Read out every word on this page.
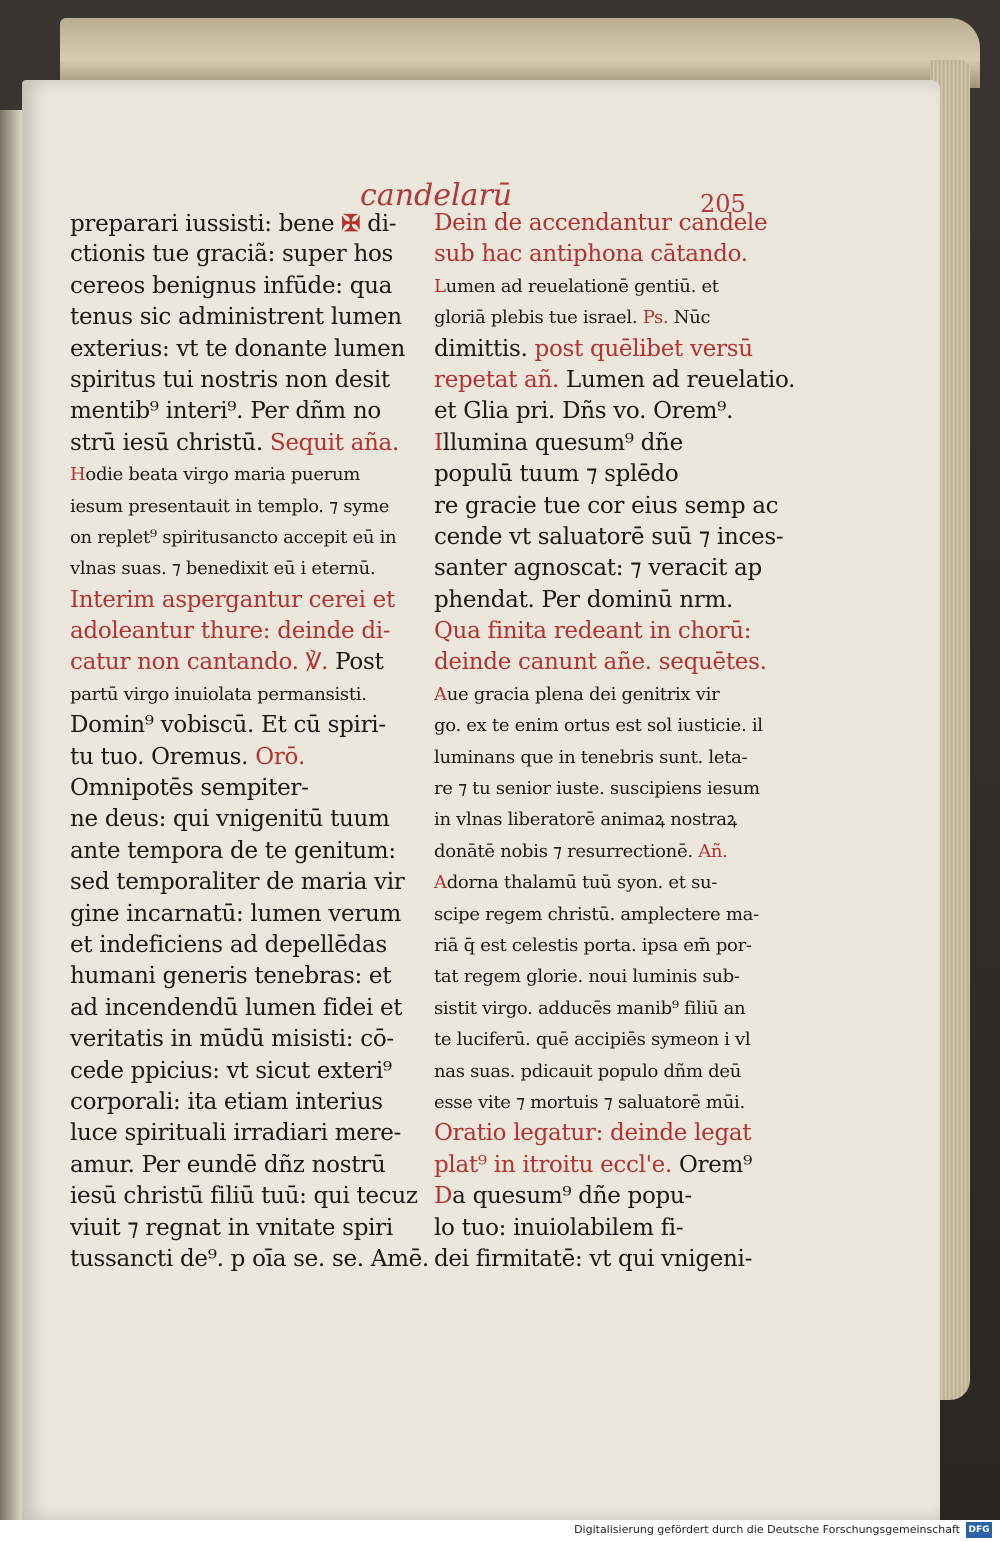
candelarū	205
preparari iussisti: bene ✠ di-
ctionis tue graciã: super hos
cereos benignus infūde: qua
tenus sic administrent lumen
exterius: vt te donante lumen
spiritus tui nostris non desit
mentib⁹ interi⁹. Per dñm no
strū iesū christū. Sequit aña.
Hodie beata virgo maria puerum
iesum presentauit in templo. ⁊ syme
on replet⁹ spiritusancto accepit eū in
vlnas suas. ⁊ benedixit eū i eternū.
Interim aspergantur cerei et
adoleantur thure: deinde di-
catur non cantando. ℣. Post
partū virgo inuiolata permansisti.
Domin⁹ vobiscū. Et cū spiri-
tu tuo. Oremus. Orō.
Omnipotēs sempiter-
ne deus: qui vnigenitū tuum
ante tempora de te genitum:
sed temporaliter de maria vir
gine incarnatū: lumen verum
et indeficiens ad depellēdas
humani generis tenebras: et
ad incendendū lumen fidei et
veritatis in mūdū misisti: cō-
cede ppicius: vt sicut exteri⁹
corporali: ita etiam interius
luce spirituali irradiari mere-
amur. Per eundē dñz nostrū
iesū christū filiū tuū: qui tecuz
viuit ⁊ regnat in vnitate spiri
tussancti de⁹. p oīa se. se. Amē.
Dein de accendantur candele
sub hac antiphona cātando.
Lumen ad reuelationē gentiū. et
gloriā plebis tue israel. Ps. Nūc
dimittis. post quēlibet versū
repetat añ. Lumen ad reuelatio.
et Glia pri. Dñs vo. Orem⁹.
Illumina quesum⁹ dñe
populū tuum ⁊ splēdo
re gracie tue cor eius semp ac
cende vt saluatorē suū ⁊ inces-
santer agnoscat: ⁊ veracit ap
phendat. Per dominū nrm.
Qua finita redeant in chorū:
deinde canunt añe. sequētes.
Aue gracia plena dei genitrix vir
go. ex te enim ortus est sol iusticie. il
luminans que in tenebris sunt. leta-
re ⁊ tu senior iuste. suscipiens iesum
in vlnas liberatorē animaꝝ nostraꝝ
donātē nobis ⁊ resurrectionē. Añ.
Adorna thalamū tuū syon. et su-
scipe regem christū. amplectere ma-
riā q̄ est celestis porta. ipsa em̄ por-
tat regem glorie. noui luminis sub-
sistit virgo. adducēs manib⁹ filiū an
te luciferū. quē accipiēs symeon i vl
nas suas. pdicauit populo dñm deū
esse vite ⁊ mortuis ⁊ saluatorē mūi.
Oratio legatur: deinde legat
plat⁹ in itroitu eccl'e. Orem⁹
Da quesum⁹ dñe popu-
lo tuo: inuiolabilem fi-
dei firmitatē: vt qui vnigeni-
Digitalisierung gefördert durch die Deutsche Forschungsgemeinschaft DFG
